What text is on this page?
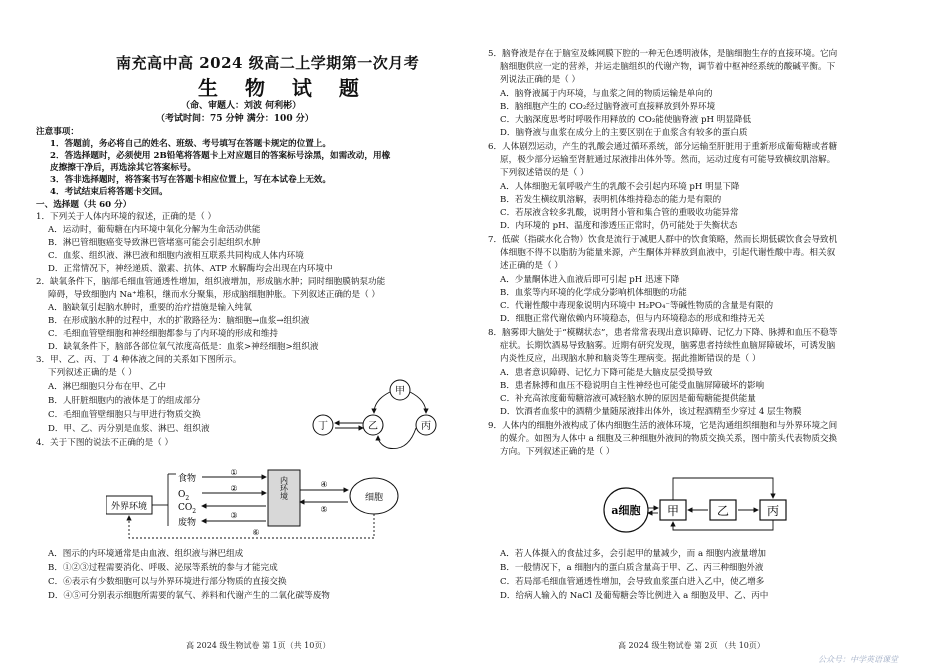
南充高中高 2024 级高二上学期第一次月考
生 物 试 题
（命、审题人：刘波 何利彬）
（考试时间：75 分钟 满分：100 分）
注意事项：
1．答题前，务必将自己的姓名、班级、考号填写在答题卡规定的位置上。
2．答选择题时，必须使用 2B铅笔将答题卡上对应题目的答案标号涂黑，如需改动，用橡
皮擦擦干净后，再选涂其它答案标号。
3．答非选择题时，将答案书写在答题卡相应位置上，写在本试卷上无效。
4．考试结束后将答题卡交回。
一、选择题（共 60 分）
1．下列关于人体内环境的叙述，正确的是（ ）
A．运动时，葡萄糖在内环境中氧化分解为生命活动供能
B．淋巴管细胞癌变导致淋巴管堵塞可能会引起组织水肿
C．血浆、组织液、淋巴液和细胞内液相互联系共同构成人体内环境
D．正常情况下，神经递质、激素、抗体、ATP 水解酶均会出现在内环境中
2．缺氧条件下，脑部毛细血管通透性增加，组织液增加，形成脑水肿；同时细胞膜钠泵功能
障碍，导致细胞内 Na⁺堆积，继而水分聚集，形成脑细胞肿胀。下列叙述正确的是（ ）
A．脑缺氧引起脑水肿时，重要的治疗措施是输入纯氧
B．在形成脑水肿的过程中，水的扩散路径为：脑细胞→血浆→组织液
C．毛细血管壁细胞和神经细胞都参与了内环境的形成和维持
D．缺氧条件下，脑部各部位氧气浓度高低是：血浆>神经细胞>组织液
3．甲、乙、丙、丁 4 种体液之间的关系如下图所示。
下列叙述正确的是（ ）
A．淋巴细胞只分布在甲、乙中
B．人肝脏细胞内的液体是丁的组成部分
C．毛细血管壁细胞只与甲进行物质交换
D．甲、乙、丙分别是血浆、淋巴、组织液
甲
丁	乙	丙
4．关于下图的说法不正确的是（ ）
外界环境
食物
$O_2$
$CO_2$
废物
①
②
③
内环境	④
⑤
细胞
⑥
A．图示的内环境通常是由血液、组织液与淋巴组成
B．①②③过程需要消化、呼吸、泌尿等系统的参与才能完成
C．⑥表示有少数细胞可以与外界环境进行部分物质的直接交换
D．④⑤可分别表示细胞所需要的氧气、养料和代谢产生的二氧化碳等废物
高 2024 级生物试卷 第 1页（共 10页）
5．脑脊液是存在于脑室及蛛网膜下腔的一种无色透明液体，是脑细胞生存的直接环境。它向
脑细胞供应一定的营养，并运走脑组织的代谢产物，调节着中枢神经系统的酸碱平衡。下
列说法正确的是（ ）
A．脑脊液属于内环境，与血浆之间的物质运输是单向的
B．脑细胞产生的 CO₂经过脑脊液可直接释放到外界环境
C．大脑深度思考时呼吸作用释放的 CO₂能使脑脊液 pH 明显降低
D．脑脊液与血浆在成分上的主要区别在于血浆含有较多的蛋白质
6．人体剧烈运动，产生的乳酸会通过循环系统，部分运输至肝脏用于重新形成葡萄糖或者糖
原，极少部分运输至肾脏通过尿液排出体外等。然而，运动过度有可能导致横纹肌溶解。
下列叙述错误的是（ ）
A．人体细胞无氧呼吸产生的乳酸不会引起内环境 pH 明显下降
B．若发生横纹肌溶解，表明机体维持稳态的能力是有限的
C．若尿液含较多乳酸，说明肾小管和集合管的重吸收功能异常
D．内环境的 pH、温度和渗透压正常时，仍可能处于失衡状态
7．低碳（指碳水化合物）饮食是流行于减肥人群中的饮食策略，然而长期低碳饮食会导致机
体细胞不得不以脂肪为能量来源，产生酮体并释放到血液中，引起代谢性酸中毒。相关叙
述正确的是（ ）
A．少量酮体进入血液后即可引起 pH 迅速下降
B．血浆等内环境的化学成分影响机体细胞的功能
C．代谢性酸中毒现象说明内环境中 H₂PO₄⁻等碱性物质的含量是有限的
D．细胞正常代谢依赖内环境稳态，但与内环境稳态的形成和维持无关
8．脑雾即大脑处于“模糊状态”，患者常常表现出意识障碍、记忆力下降、脉搏和血压不稳等
症状。长期饮酒易导致脑雾。近期有研究发现，脑雾患者持续性血脑屏障破坏，可诱发脑
内炎性反应，出现脑水肿和脑炎等生理病变。据此推断错误的是（ ）
A．患者意识障碍、记忆力下降可能是大脑皮层受损导致
B．患者脉搏和血压不稳说明自主性神经也可能受血脑屏障破坏的影响
C．补充高浓度葡萄糖溶液可减轻脑水肿的原因是葡萄糖能提供能量
D．饮酒者血浆中的酒精少量随尿液排出体外，该过程酒精至少穿过 4 层生物膜
9．人体内的细胞外液构成了体内细胞生活的液体环境，它是沟通组织细胞和与外界环境之间
的媒介。如图为人体中 a 细胞及三种细胞外液间的物质交换关系，图中箭头代表物质交换
方向。下列叙述正确的是（ ）
a细胞 甲	乙	丙
A．若人体摄入的食盐过多，会引起甲的量减少，而 a 细胞内液量增加
B．一般情况下，a 细胞内的蛋白质含量高于甲、乙、丙三种细胞外液
C．若局部毛细血管通透性增加，会导致血浆蛋白进入乙中，使乙增多
D．给病人输入的 NaCl 及葡萄糖会等比例进入 a 细胞及甲、乙、丙中
高 2024 级生物试卷 第 2页 （共 10页）
公众号：中学英语课堂
